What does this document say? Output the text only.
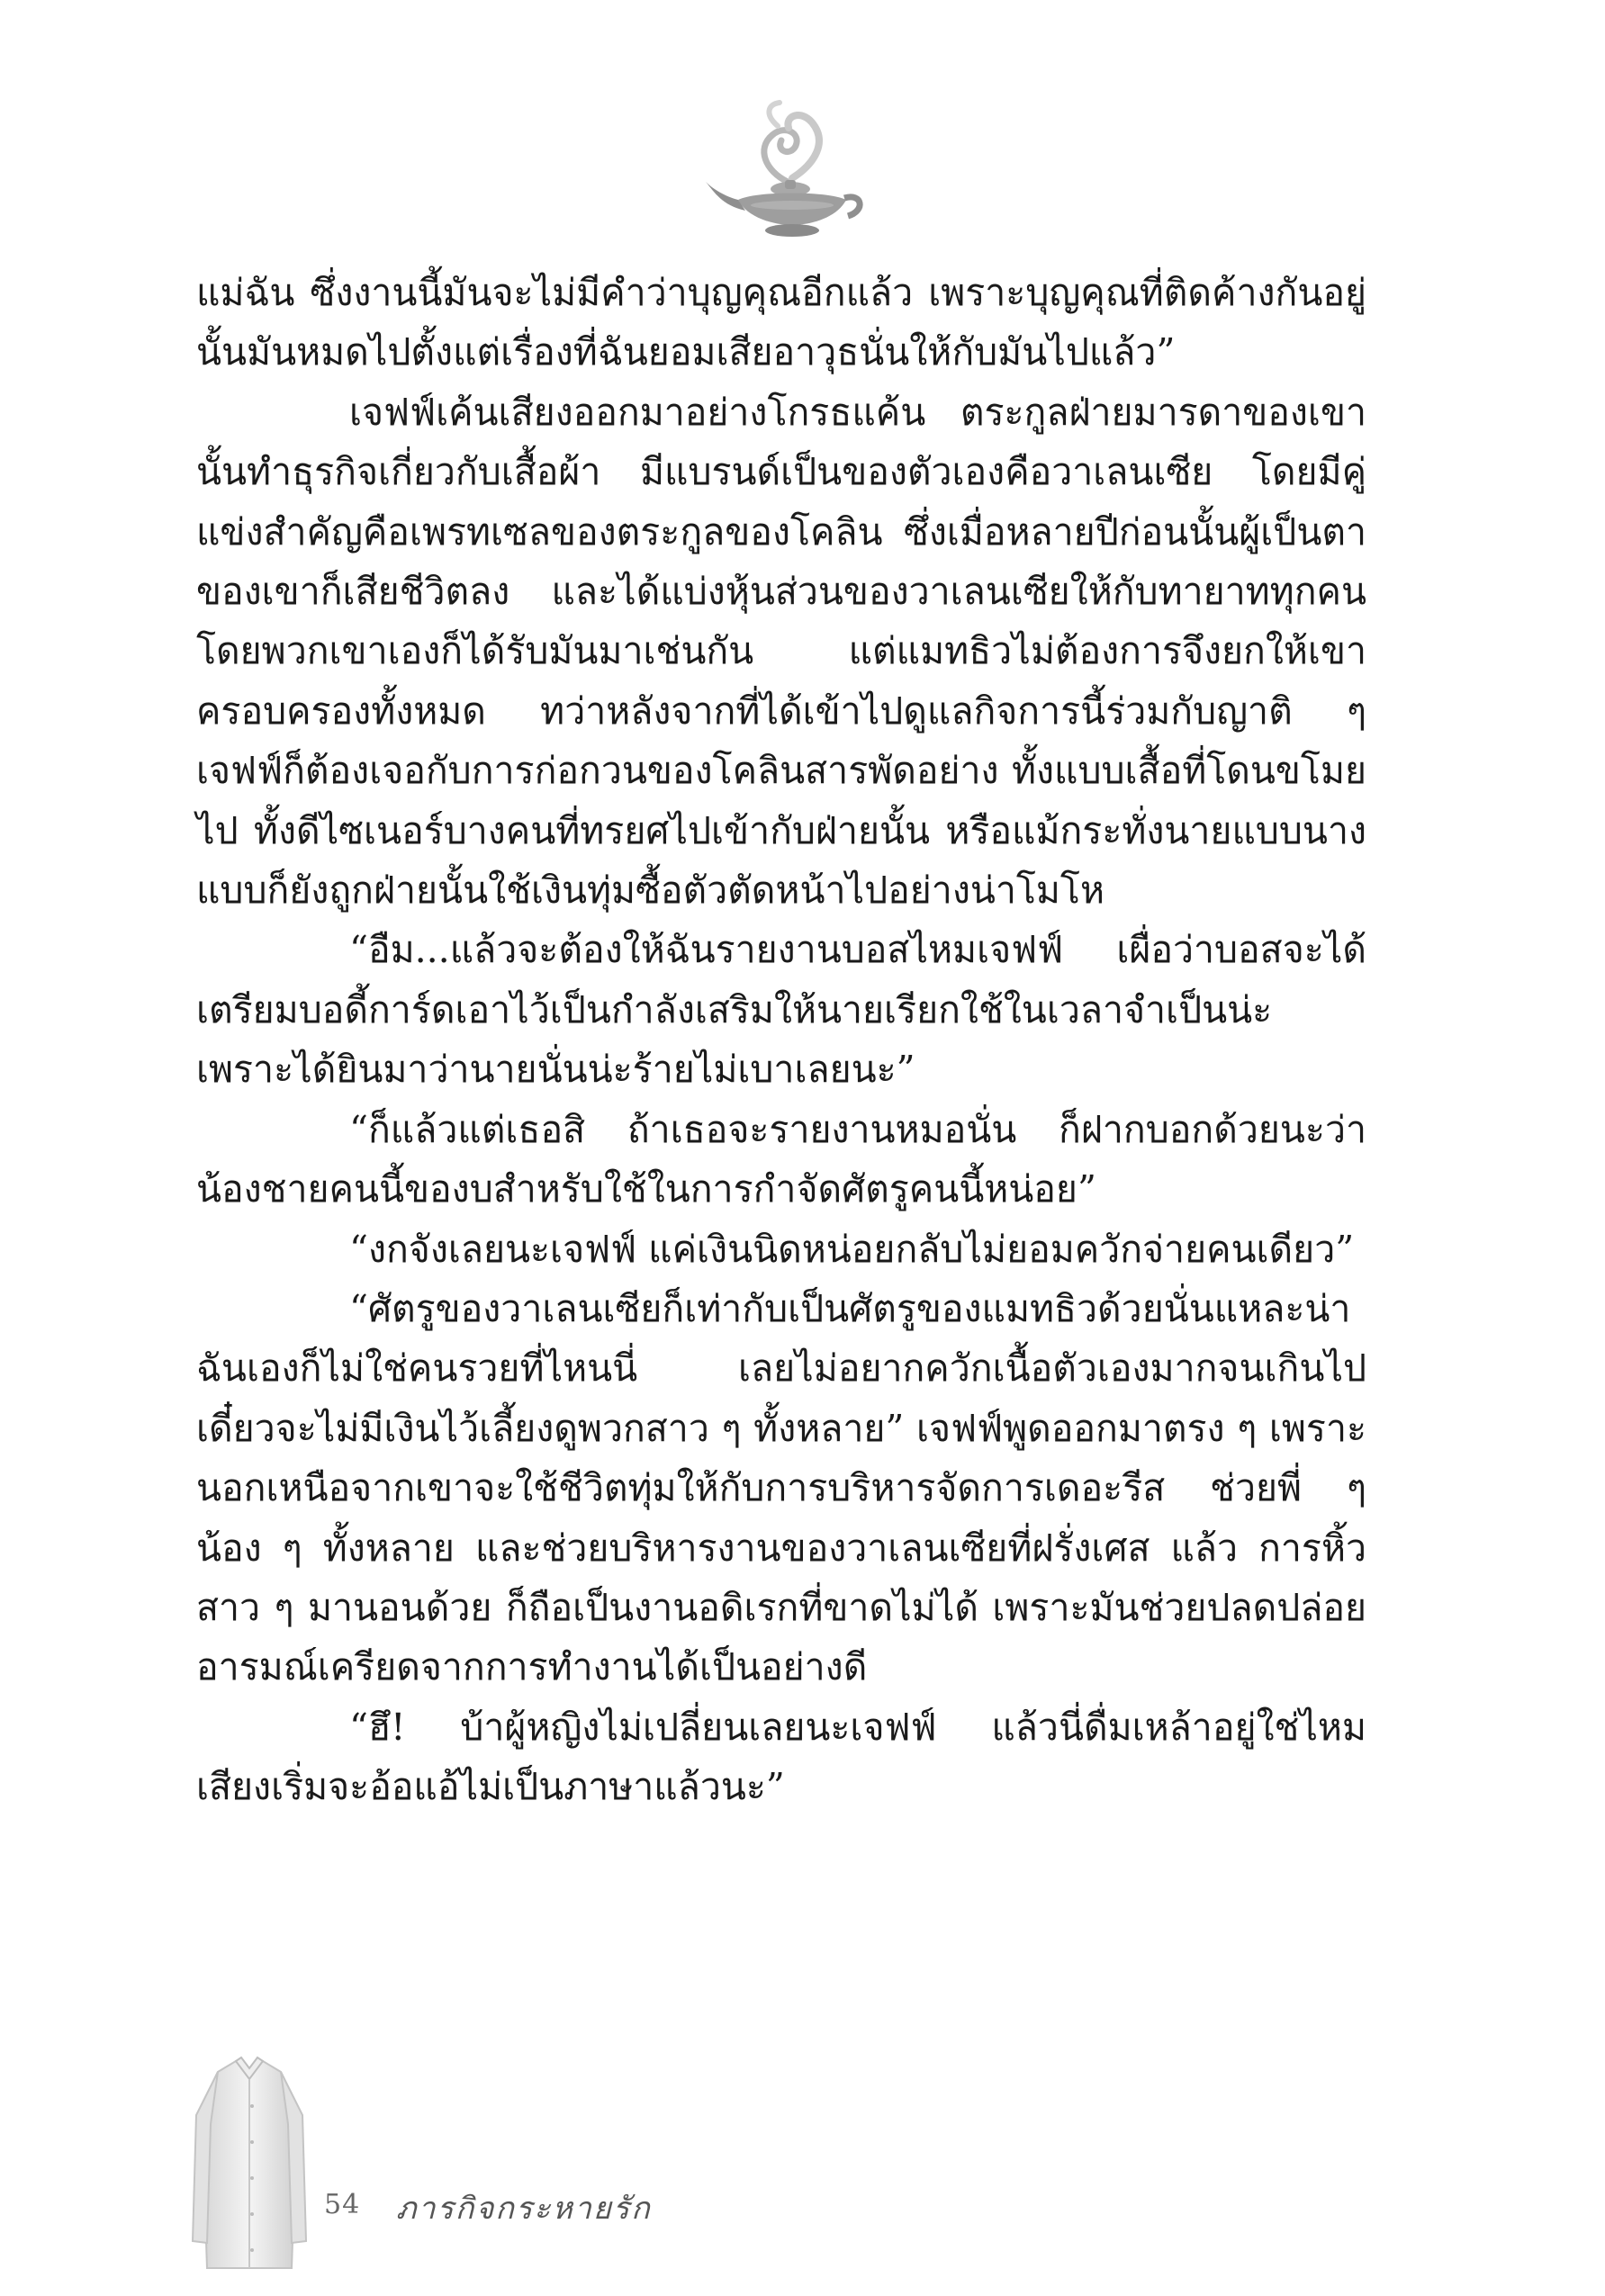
แม่ฉัน ซึ่งงานนี้มันจะไม่มีคำว่าบุญคุณอีกแล้ว เพราะบุญคุณที่ติดค้างกันอยู่นั้นมันหมดไปตั้งแต่เรื่องที่ฉันยอมเสียอาวุธนั่นให้กับมันไปแล้ว”

เจฟฟ์เค้นเสียงออกมาอย่างโกรธแค้น ตระกูลฝ่ายมารดาของเขานั้นทำธุรกิจเกี่ยวกับเสื้อผ้า มีแบรนด์เป็นของตัวเองคือวาเลนเซีย โดยมีคู่แข่งสำคัญคือเพรทเซลของตระกูลของโคลิน ซึ่งเมื่อหลายปีก่อนนั้นผู้เป็นตาของเขาก็เสียชีวิตลง และได้แบ่งหุ้นส่วนของวาเลนเซียให้กับทายาททุกคน โดยพวกเขาเองก็ได้รับมันมาเช่นกัน แต่แมทธิวไม่ต้องการจึงยกให้เขาครอบครองทั้งหมด ทว่าหลังจากที่ได้เข้าไปดูแลกิจการนี้ร่วมกับญาติ ๆ เจฟฟ์ก็ต้องเจอกับการก่อกวนของโคลินสารพัดอย่าง ทั้งแบบเสื้อที่โดนขโมยไป ทั้งดีไซเนอร์บางคนที่ทรยศไปเข้ากับฝ่ายนั้น หรือแม้กระทั่งนายแบบนางแบบก็ยังถูกฝ่ายนั้นใช้เงินทุ่มซื้อตัวตัดหน้าไปอย่างน่าโมโห

“อืม...แล้วจะต้องให้ฉันรายงานบอสไหมเจฟฟ์ เผื่อว่าบอสจะได้เตรียมบอดี้การ์ดเอาไว้เป็นกำลังเสริมให้นายเรียกใช้ในเวลาจำเป็นน่ะ เพราะได้ยินมาว่านายนั่นน่ะร้ายไม่เบาเลยนะ”

“ก็แล้วแต่เธอสิ ถ้าเธอจะรายงานหมอนั่น ก็ฝากบอกด้วยนะว่า น้องชายคนนี้ของบสำหรับใช้ในการกำจัดศัตรูคนนี้หน่อย”

“งกจังเลยนะเจฟฟ์ แค่เงินนิดหน่อยกลับไม่ยอมควักจ่ายคนเดียว”

“ศัตรูของวาเลนเซียก็เท่ากับเป็นศัตรูของแมทธิวด้วยนั่นแหละน่า ฉันเองก็ไม่ใช่คนรวยที่ไหนนี่ เลยไม่อยากควักเนื้อตัวเองมากจนเกินไป เดี๋ยวจะไม่มีเงินไว้เลี้ยงดูพวกสาว ๆ ทั้งหลาย” เจฟฟ์พูดออกมาตรง ๆ เพราะนอกเหนือจากเขาจะใช้ชีวิตทุ่มให้กับการบริหารจัดการเดอะรีส ช่วยพี่ ๆ น้อง ๆ ทั้งหลาย และช่วยบริหารงานของวาเลนเซียที่ฝรั่งเศส แล้ว การหิ้วสาว ๆ มานอนด้วย ก็ถือเป็นงานอดิเรกที่ขาดไม่ได้ เพราะมันช่วยปลดปล่อยอารมณ์เครียดจากการทำงานได้เป็นอย่างดี

“ฮึ! บ้าผู้หญิงไม่เปลี่ยนเลยนะเจฟฟ์ แล้วนี่ดื่มเหล้าอยู่ใช่ไหม เสียงเริ่มจะอ้อแอ้ไม่เป็นภาษาแล้วนะ”

54 ภารกิจกระหายรัก
